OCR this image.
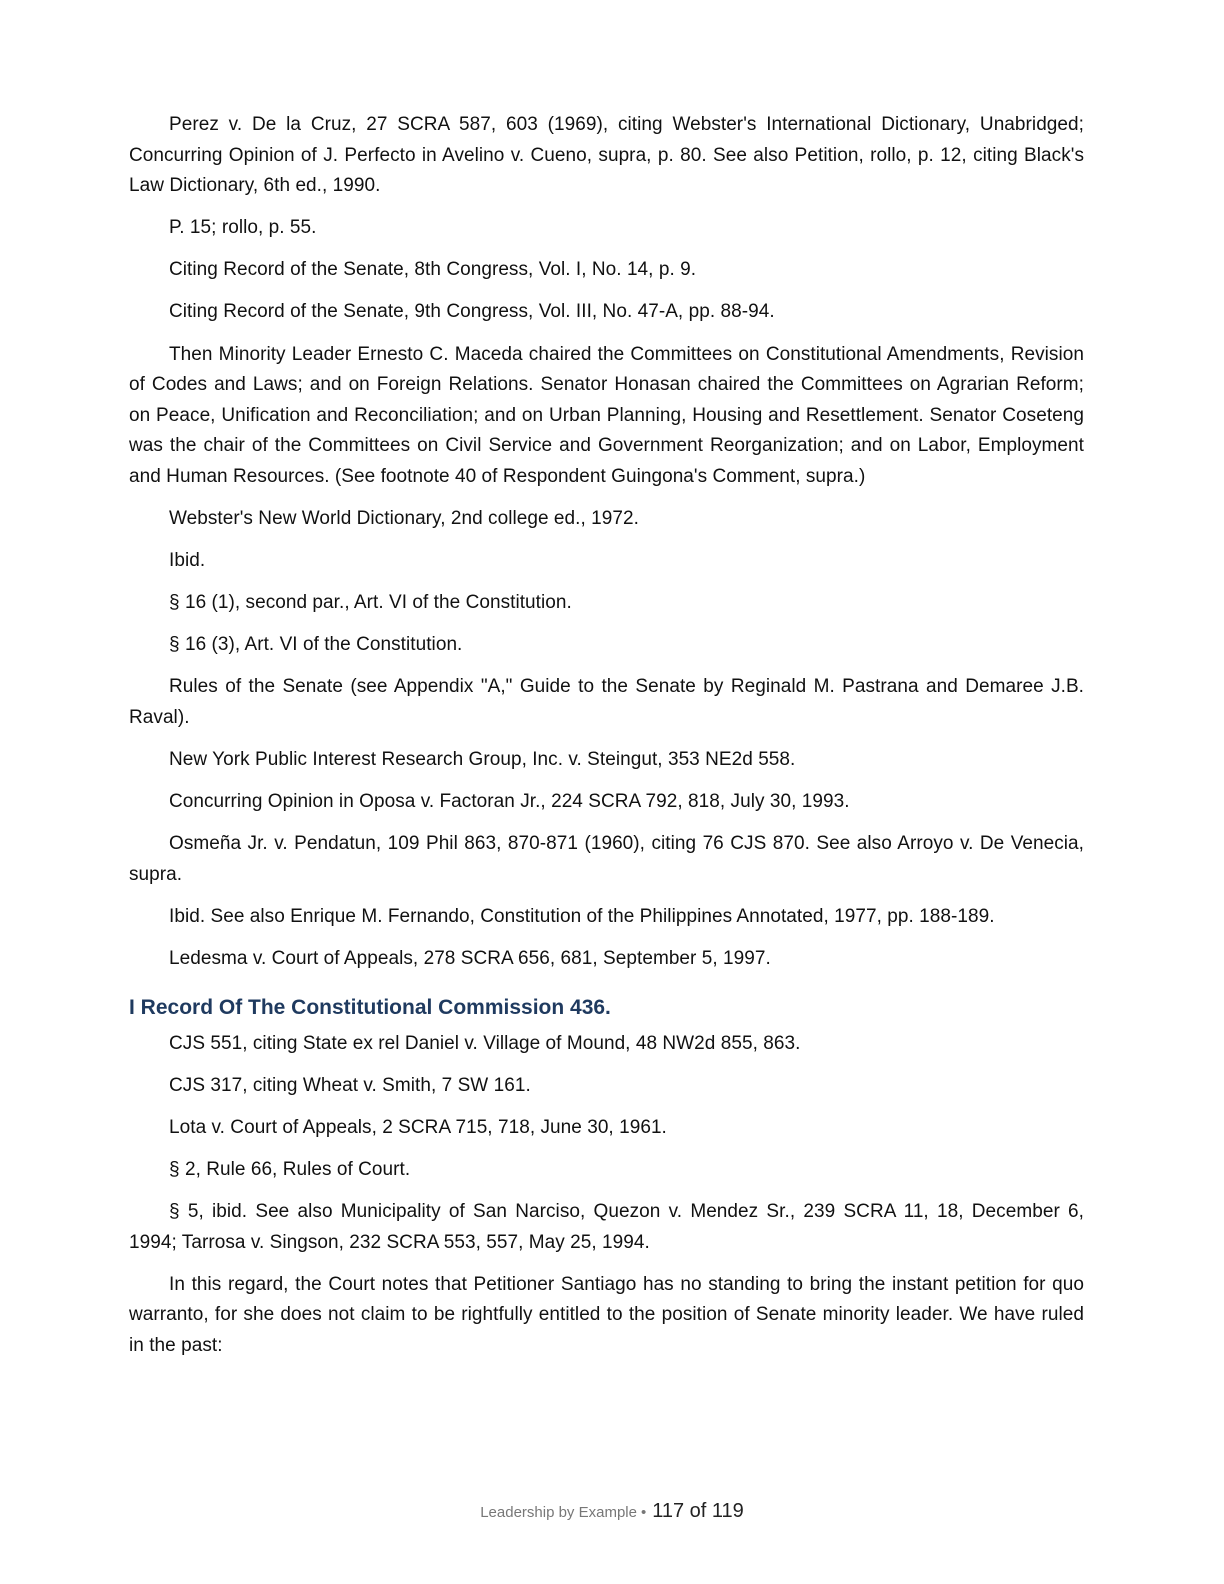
Perez v. De la Cruz, 27 SCRA 587, 603 (1969), citing Webster's International Dictionary, Unabridged; Concurring Opinion of J. Perfecto in Avelino v. Cueno, supra, p. 80. See also Petition, rollo, p. 12, citing Black's Law Dictionary, 6th ed., 1990.

P. 15; rollo, p. 55.

Citing Record of the Senate, 8th Congress, Vol. I, No. 14, p. 9.

Citing Record of the Senate, 9th Congress, Vol. III, No. 47-A, pp. 88-94.

Then Minority Leader Ernesto C. Maceda chaired the Committees on Constitutional Amendments, Revision of Codes and Laws; and on Foreign Relations. Senator Honasan chaired the Committees on Agrarian Reform; on Peace, Unification and Reconciliation; and on Urban Planning, Housing and Resettlement. Senator Coseteng was the chair of the Committees on Civil Service and Government Reorganization; and on Labor, Employment and Human Resources. (See footnote 40 of Respondent Guingona's Comment, supra.)

Webster's New World Dictionary, 2nd college ed., 1972.

Ibid.

§ 16 (1), second par., Art. VI of the Constitution.

§ 16 (3), Art. VI of the Constitution.

Rules of the Senate (see Appendix "A," Guide to the Senate by Reginald M. Pastrana and Demaree J.B. Raval).

New York Public Interest Research Group, Inc. v. Steingut, 353 NE2d 558.

Concurring Opinion in Oposa v. Factoran Jr., 224 SCRA 792, 818, July 30, 1993.

Osmeña Jr. v. Pendatun, 109 Phil 863, 870-871 (1960), citing 76 CJS 870. See also Arroyo v. De Venecia, supra.

Ibid. See also Enrique M. Fernando, Constitution of the Philippines Annotated, 1977, pp. 188-189.

Ledesma v. Court of Appeals, 278 SCRA 656, 681, September 5, 1997.

I Record Of The Constitutional Commission 436.

CJS 551, citing State ex rel Daniel v. Village of Mound, 48 NW2d 855, 863.

CJS 317, citing Wheat v. Smith, 7 SW 161.

Lota v. Court of Appeals, 2 SCRA 715, 718, June 30, 1961.

§ 2, Rule 66, Rules of Court.

§ 5, ibid. See also Municipality of San Narciso, Quezon v. Mendez Sr., 239 SCRA 11, 18, December 6, 1994; Tarrosa v. Singson, 232 SCRA 553, 557, May 25, 1994.

In this regard, the Court notes that Petitioner Santiago has no standing to bring the instant petition for quo warranto, for she does not claim to be rightfully entitled to the position of Senate minority leader. We have ruled in the past:

Leadership by Example • 117 of 119
